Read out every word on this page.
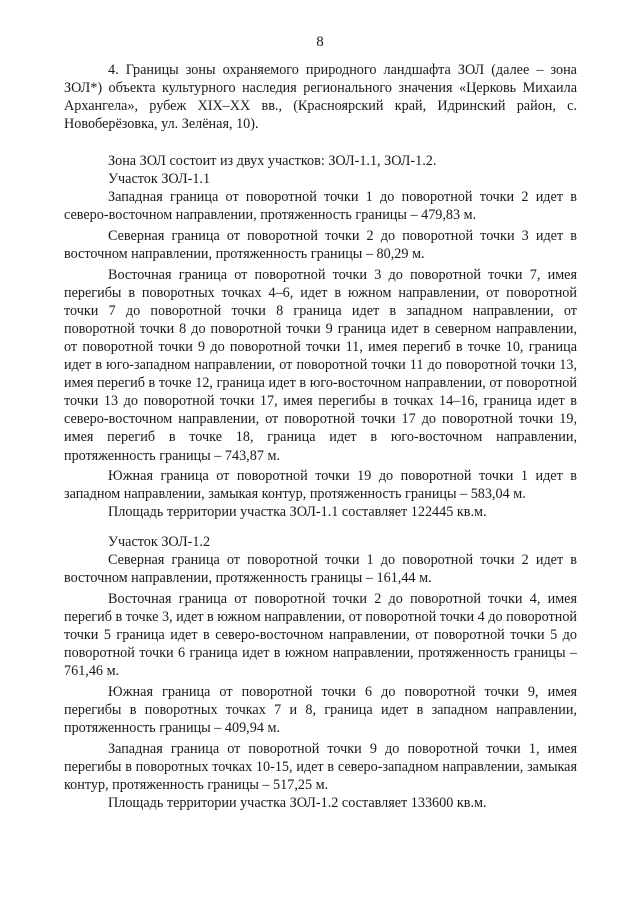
8

4. Границы зоны охраняемого природного ландшафта ЗОЛ (далее – зона ЗОЛ*) объекта культурного наследия регионального значения «Церковь Михаила Архангела», рубеж XIX–XX вв., (Красноярский край, Идринский район, с. Новоберёзовка, ул. Зелёная, 10).

Зона ЗОЛ состоит из двух участков: ЗОЛ-1.1, ЗОЛ-1.2.

Участок ЗОЛ-1.1

Западная граница от поворотной точки 1 до поворотной точки 2 идет в северо-восточном направлении, протяженность границы – 479,83 м.

Северная граница от поворотной точки 2 до поворотной точки 3 идет в восточном направлении, протяженность границы – 80,29 м.

Восточная граница от поворотной точки 3 до поворотной точки 7, имея перегибы в поворотных точках 4–6, идет в южном направлении, от поворотной точки 7 до поворотной точки 8 граница идет в западном направлении, от поворотной точки 8 до поворотной точки 9 граница идет в северном направлении, от поворотной точки 9 до поворотной точки 11, имея перегиб в точке 10, граница идет в юго-западном направлении, от поворотной точки 11 до поворотной точки 13, имея перегиб в точке 12, граница идет в юго-восточном направлении, от поворотной точки 13 до поворотной точки 17, имея перегибы в точках 14–16, граница идет в северо-восточном направлении, от поворотной точки 17 до поворотной точки 19, имея перегиб в точке 18, граница идет в юго-восточном направлении, протяженность границы – 743,87 м.

Южная граница от поворотной точки 19 до поворотной точки 1 идет в западном направлении, замыкая контур, протяженность границы – 583,04 м.

Площадь территории участка ЗОЛ-1.1 составляет 122445 кв.м.

Участок ЗОЛ-1.2

Северная граница от поворотной точки 1 до поворотной точки 2 идет в восточном направлении, протяженность границы – 161,44 м.

Восточная граница от поворотной точки 2 до поворотной точки 4, имея перегиб в точке 3, идет в южном направлении, от поворотной точки 4 до поворотной точки 5 граница идет в северо-восточном направлении, от поворотной точки 5 до поворотной точки 6 граница идет в южном направлении, протяженность границы – 761,46 м.

Южная граница от поворотной точки 6 до поворотной точки 9, имея перегибы в поворотных точках 7 и 8, граница идет в западном направлении, протяженность границы – 409,94 м.

Западная граница от поворотной точки 9 до поворотной точки 1, имея перегибы в поворотных точках 10-15, идет в северо-западном направлении, замыкая контур, протяженность границы – 517,25 м.

Площадь территории участка ЗОЛ-1.2 составляет 133600 кв.м.
